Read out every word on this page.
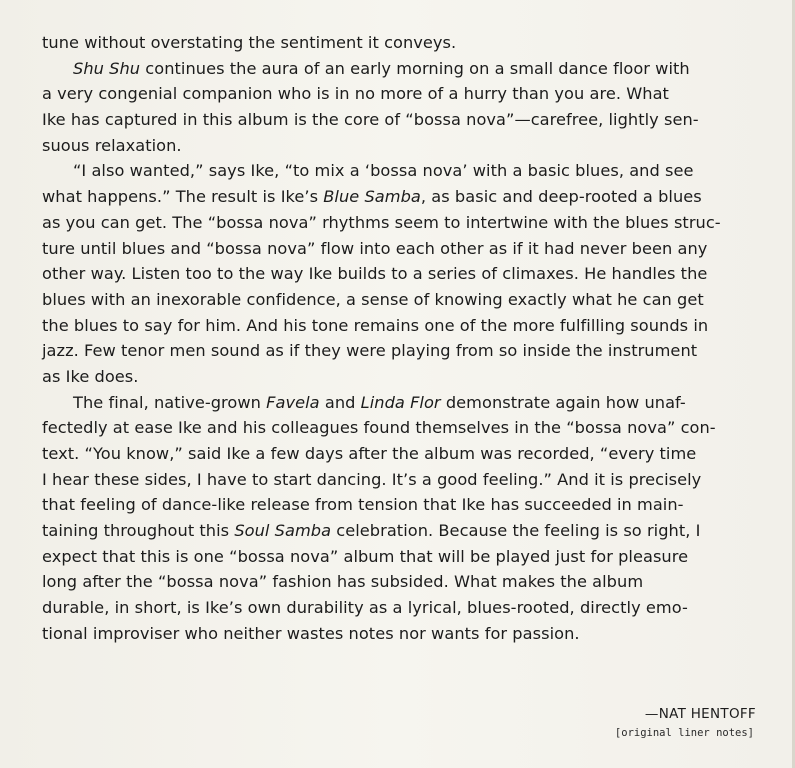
tune without overstating the sentiment it conveys.
Shu Shu continues the aura of an early morning on a small dance floor with
a very congenial companion who is in no more of a hurry than you are. What
Ike has captured in this album is the core of “bossa nova”—carefree, lightly sen-
suous relaxation.
“I also wanted,” says Ike, “to mix a ‘bossa nova’ with a basic blues, and see
what happens.” The result is Ike’s Blue Samba, as basic and deep-rooted a blues
as you can get. The “bossa nova” rhythms seem to intertwine with the blues struc-
ture until blues and “bossa nova” flow into each other as if it had never been any
other way. Listen too to the way Ike builds to a series of climaxes. He handles the
blues with an inexorable confidence, a sense of knowing exactly what he can get
the blues to say for him. And his tone remains one of the more fulfilling sounds in
jazz. Few tenor men sound as if they were playing from so inside the instrument
as Ike does.
The final, native-grown Favela and Linda Flor demonstrate again how unaf-
fectedly at ease Ike and his colleagues found themselves in the “bossa nova” con-
text. “You know,” said Ike a few days after the album was recorded, “every time
I hear these sides, I have to start dancing. It’s a good feeling.” And it is precisely
that feeling of dance-like release from tension that Ike has succeeded in main-
taining throughout this Soul Samba celebration. Because the feeling is so right, I
expect that this is one “bossa nova” album that will be played just for pleasure
long after the “bossa nova” fashion has subsided. What makes the album
durable, in short, is Ike’s own durability as a lyrical, blues-rooted, directly emo-
tional improviser who neither wastes notes nor wants for passion.
—NAT HENTOFF
[original liner notes]
